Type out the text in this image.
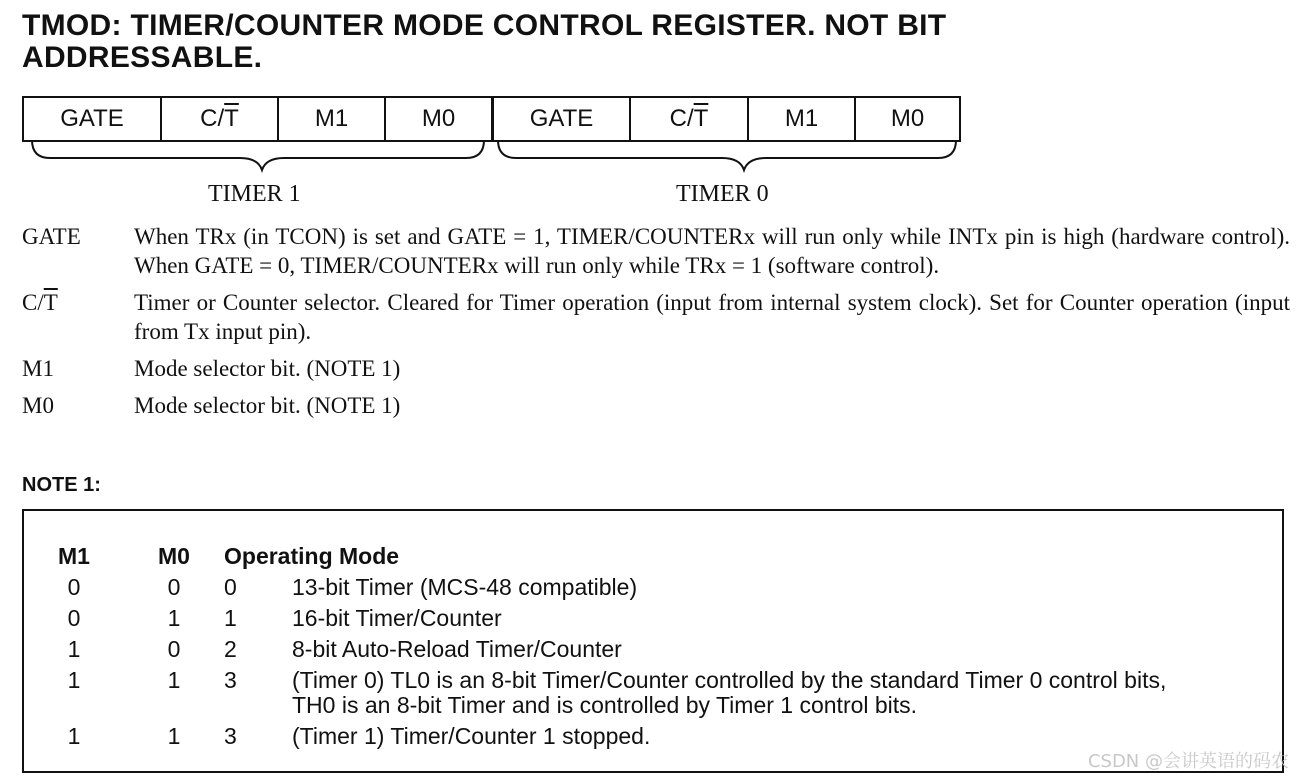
TMOD: TIMER/COUNTER MODE CONTROL REGISTER. NOT BIT ADDRESSABLE.
GATE	C/ $\overline{T}$	M1	M0	GATE	C/ $\overline{T}$	M1	M0
TIMER 1	TIMER 0
GATE	When TRx (in TCON) is set and GATE = 1, TIMER/COUNTERx will run only while INTx pin is high (hardware control). When GATE = 0, TIMER/COUNTERx will run only while TRx = 1 (software control).
$C/\overline{T}$	Timer or Counter selector. Cleared for Timer operation (input from internal system clock). Set for Counter operation (input from Tx input pin).
M1	Mode selector bit. (NOTE 1)
M0	Mode selector bit. (NOTE 1)
NOTE 1:
M1	M0	Operating Mode
0	0	0	13-bit Timer (MCS-48 compatible)
0	1	1	16-bit Timer/Counter
1	0	2	8-bit Auto-Reload Timer/Counter
1	1	3	(Timer 0) TL0 is an 8-bit Timer/Counter controlled by the standard Timer 0 control bits, TH0 is an 8-bit Timer and is controlled by Timer 1 control bits.
1	1	3	(Timer 1) Timer/Counter 1 stopped.
CSDN @会讲英语的码农
